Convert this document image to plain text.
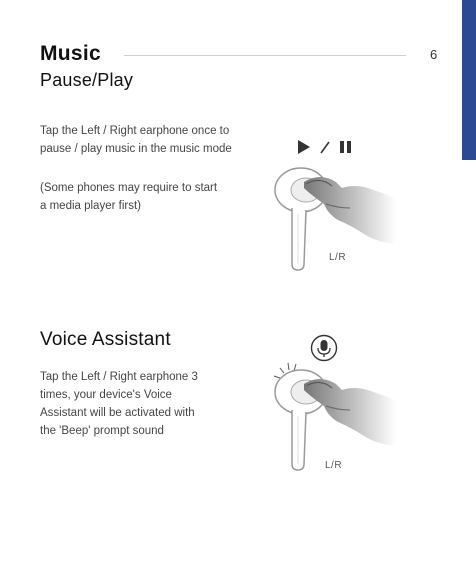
Music	6
Pause/Play
Tap the Left / Right earphone once to
pause / play music in the music mode
(Some phones may require to start
a media player first)
L/R
Voice Assistant
Tap the Left / Right earphone 3
times, your device's Voice
Assistant will be activated with
the 'Beep' prompt sound
L/R
